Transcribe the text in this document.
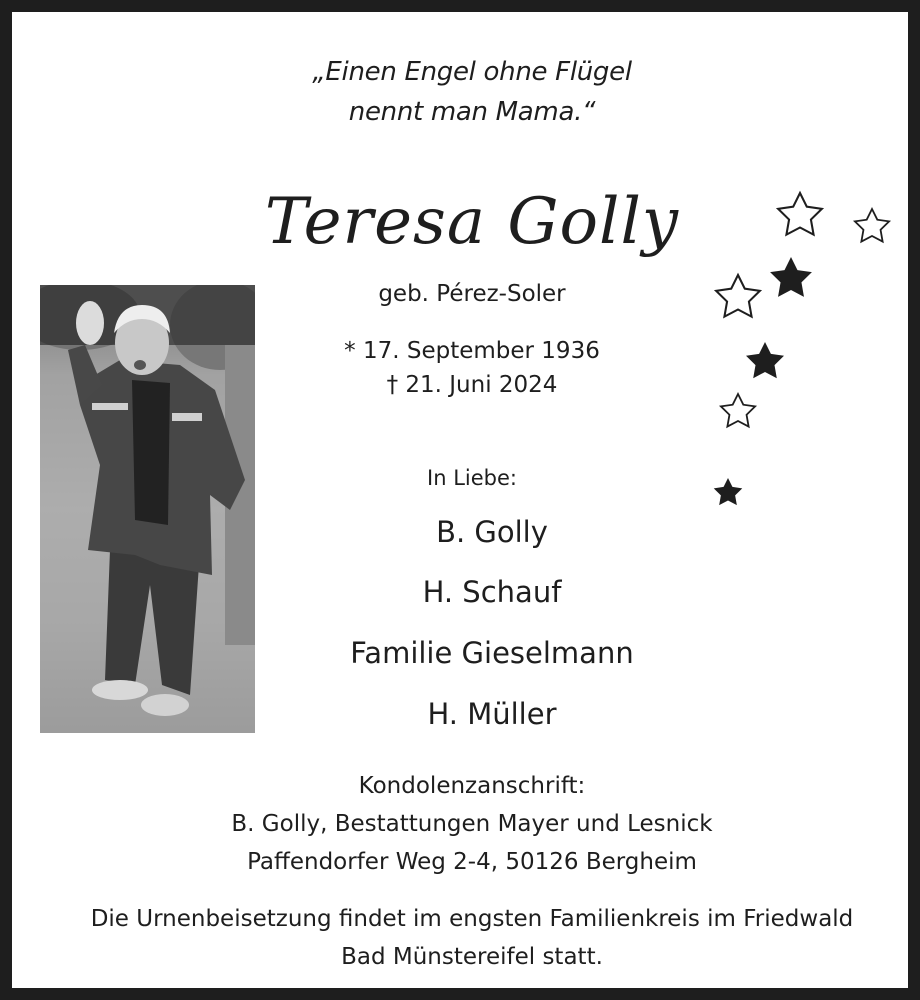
„Einen Engel ohne Flügel
nennt man Mama.“
Teresa Golly
geb. Pérez-Soler
* 17. September 1936
† 21. Juni 2024
In Liebe:
B. Golly
H. Schauf
Familie Gieselmann
H. Müller
Kondolenzanschrift:
B. Golly, Bestattungen Mayer und Lesnick
Paffendorfer Weg 2-4, 50126 Bergheim
Die Urnenbeisetzung findet im engsten Familienkreis im Friedwald
Bad Münstereifel statt.
